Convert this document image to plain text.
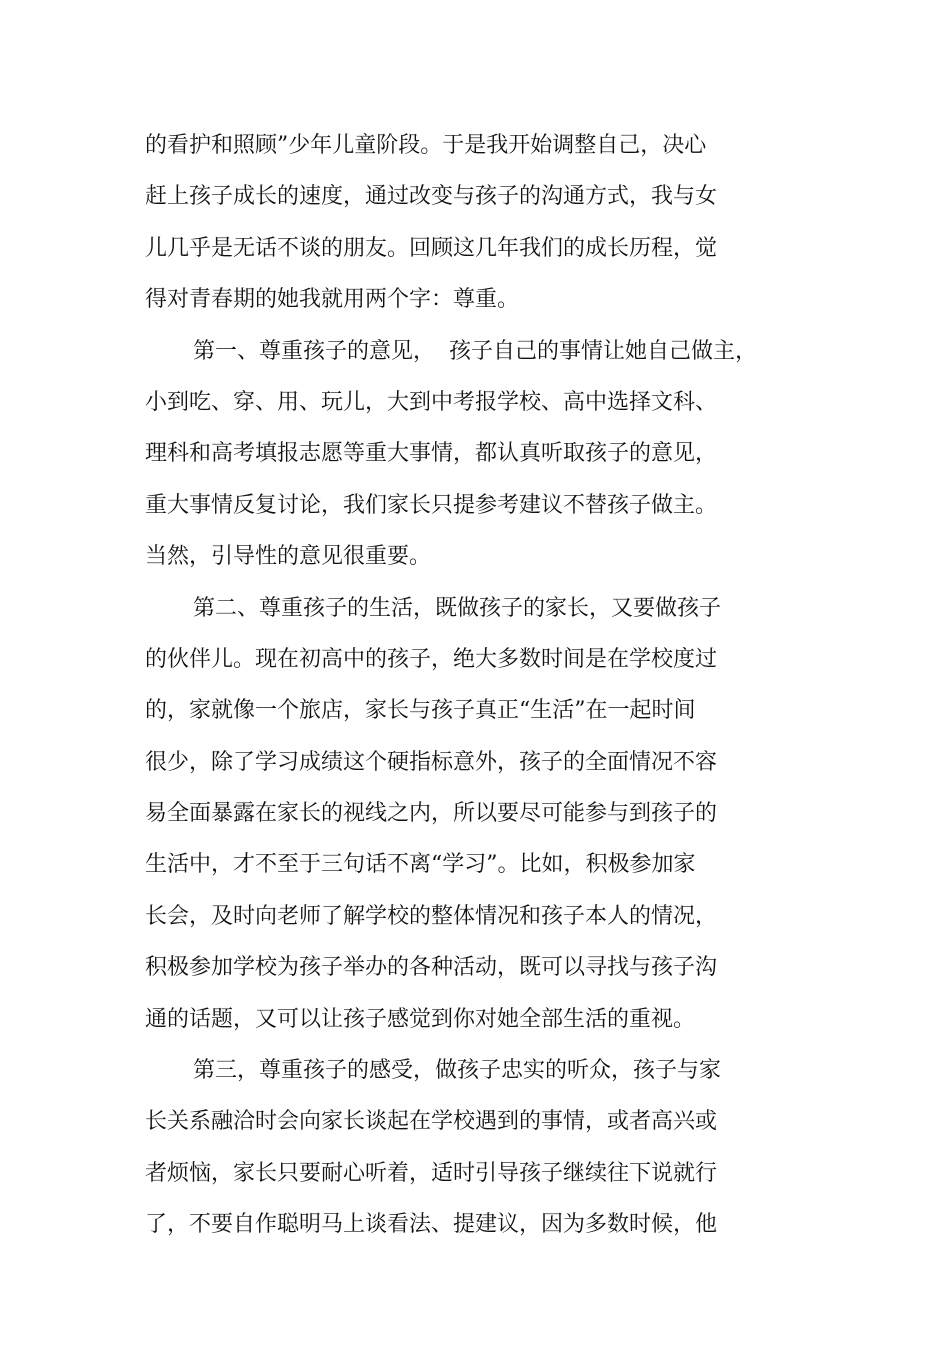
的看护和照顾”少年儿童阶段。于是我开始调整自己，决心
赶上孩子成长的速度，通过改变与孩子的沟通方式，我与女
儿几乎是无话不谈的朋友。回顾这几年我们的成长历程，觉
得对青春期的她我就用两个字：尊重。
第一、尊重孩子的意见，  孩子自己的事情让她自己做主，
小到吃、穿、用、玩儿，大到中考报学校、高中选择文科、
理科和高考填报志愿等重大事情，都认真听取孩子的意见，
重大事情反复讨论，我们家长只提参考建议不替孩子做主。
当然，引导性的意见很重要。
第二、尊重孩子的生活，既做孩子的家长，又要做孩子
的伙伴儿。现在初高中的孩子，绝大多数时间是在学校度过
的，家就像一个旅店，家长与孩子真正“生活”在一起时间
很少，除了学习成绩这个硬指标意外，孩子的全面情况不容
易全面暴露在家长的视线之内，所以要尽可能参与到孩子的
生活中，才不至于三句话不离“学习”。比如，积极参加家
长会，及时向老师了解学校的整体情况和孩子本人的情况，
积极参加学校为孩子举办的各种活动，既可以寻找与孩子沟
通的话题，又可以让孩子感觉到你对她全部生活的重视。
第三，尊重孩子的感受，做孩子忠实的听众，孩子与家
长关系融洽时会向家长谈起在学校遇到的事情，或者高兴或
者烦恼，家长只要耐心听着，适时引导孩子继续往下说就行
了，不要自作聪明马上谈看法、提建议，因为多数时候，他
